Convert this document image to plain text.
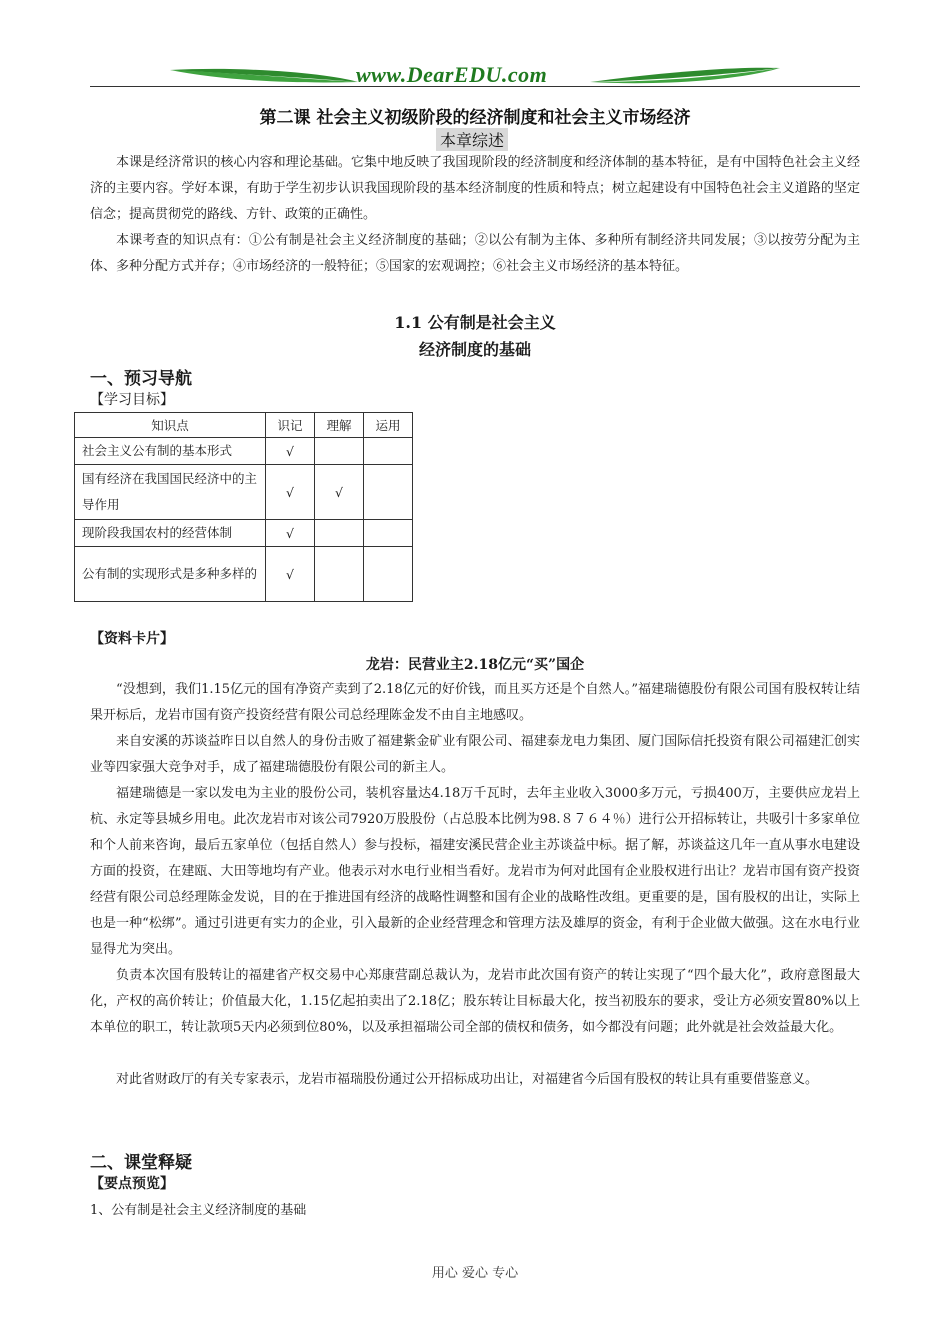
www.DearEDU.com
第二课 社会主义初级阶段的经济制度和社会主义市场经济
本章综述

本课是经济常识的核心内容和理论基础。它集中地反映了我国现阶段的经济制度和经济体制的基本特征，是有中国特色社会主义经济的主要内容。学好本课，有助于学生初步认识我国现阶段的基本经济制度的性质和特点；树立起建设有中国特色社会主义道路的坚定信念；提高贯彻党的路线、方针、政策的正确性。

本课考查的知识点有：①公有制是社会主义经济制度的基础；②以公有制为主体、多种所有制经济共同发展；③以按劳分配为主体、多种分配方式并存；④市场经济的一般特征；⑤国家的宏观调控；⑥社会主义市场经济的基本特征。

1.1 公有制是社会主义
经济制度的基础
一、预习导航
【学习目标】
知识点	识记	理解	运用
社会主义公有制的基本形式	√		
国有经济在我国国民经济中的主导作用	√	√	
现阶段我国农村的经营体制	√		
公有制的实现形式是多种多样的	√		
【资料卡片】
龙岩：民营业主2.18亿元“买”国企

“没想到，我们1.15亿元的国有净资产卖到了2.18亿元的好价钱，而且买方还是个自然人。”福建瑞德股份有限公司国有股权转让结果开标后，龙岩市国有资产投资经营有限公司总经理陈金发不由自主地感叹。

来自安溪的苏谈益昨日以自然人的身份击败了福建紫金矿业有限公司、福建泰龙电力集团、厦门国际信托投资有限公司福建汇创实业等四家强大竞争对手，成了福建瑞德股份有限公司的新主人。

福建瑞德是一家以发电为主业的股份公司，装机容量达4.18万千瓦时，去年主业收入3000多万元，亏损400万，主要供应龙岩上杭、永定等县城乡用电。此次龙岩市对该公司7920万股股份（占总股本比例为98.８７６４％）进行公开招标转让，共吸引十多家单位和个人前来咨询，最后五家单位（包括自然人）参与投标，福建安溪民营企业主苏谈益中标。据了解，苏谈益这几年一直从事水电建设方面的投资，在建瓯、大田等地均有产业。他表示对水电行业相当看好。龙岩市为何对此国有企业股权进行出让？龙岩市国有资产投资经营有限公司总经理陈金发说，目的在于推进国有经济的战略性调整和国有企业的战略性改组。更重要的是，国有股权的出让，实际上也是一种“松绑”。通过引进更有实力的企业，引入最新的企业经营理念和管理方法及雄厚的资金，有利于企业做大做强。这在水电行业显得尤为突出。

负责本次国有股转让的福建省产权交易中心郑康营副总裁认为，龙岩市此次国有资产的转让实现了“四个最大化”，政府意图最大化，产权的高价转让；价值最大化，1.15亿起拍卖出了2.18亿；股东转让目标最大化，按当初股东的要求，受让方必须安置80%以上本单位的职工，转让款项5天内必须到位80%，以及承担福瑞公司全部的债权和债务，如今都没有问题；此外就是社会效益最大化。

对此省财政厅的有关专家表示，龙岩市福瑞股份通过公开招标成功出让，对福建省今后国有股权的转让具有重要借鉴意义。

二、课堂释疑
【要点预览】
1、公有制是社会主义经济制度的基础
用心 爱心 专心
